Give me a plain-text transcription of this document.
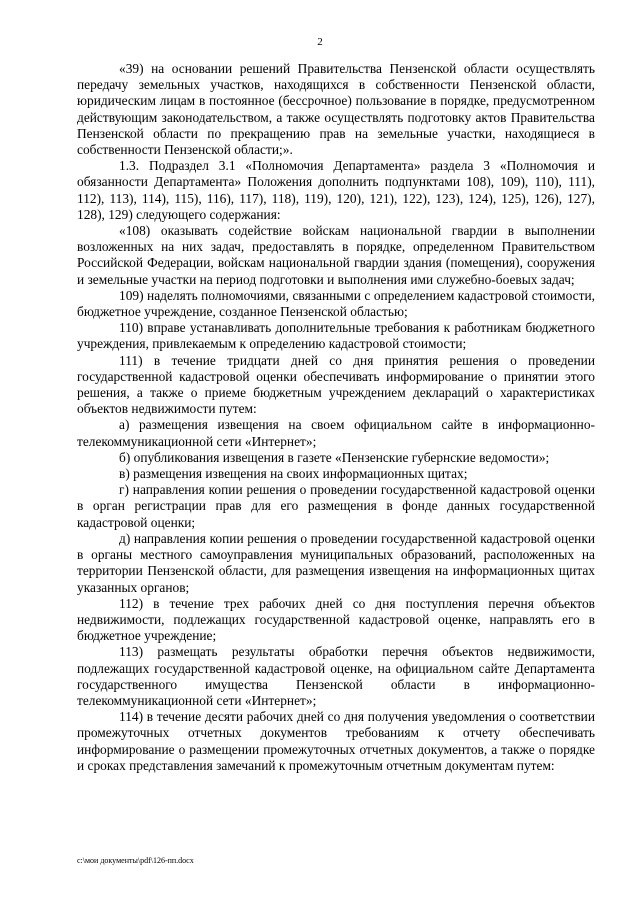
2

«39) на основании решений Правительства Пензенской области осуществлять передачу земельных участков, находящихся в собственности Пензенской области, юридическим лицам в постоянное (бессрочное) пользование в порядке, предусмотренном действующим законодательством, а также осуществлять подготовку актов Правительства Пензенской области по прекращению прав на земельные участки, находящиеся в собственности Пензенской области;».

1.3. Подраздел 3.1 «Полномочия Департамента» раздела 3 «Полномочия и обязанности Департамента» Положения дополнить подпунктами 108), 109), 110), 111), 112), 113), 114), 115), 116), 117), 118), 119), 120), 121), 122), 123), 124), 125), 126), 127), 128), 129) следующего содержания:

«108) оказывать содействие войскам национальной гвардии в выполнении возложенных на них задач, предоставлять в порядке, определенном Правительством Российской Федерации, войскам национальной гвардии здания (помещения), сооружения и земельные участки на период подготовки и выполнения ими служебно-боевых задач;

109) наделять полномочиями, связанными с определением кадастровой стоимости, бюджетное учреждение, созданное Пензенской областью;

110) вправе устанавливать дополнительные требования к работникам бюджетного учреждения, привлекаемым к определению кадастровой стоимости;

111) в течение тридцати дней со дня принятия решения о проведении государственной кадастровой оценки обеспечивать информирование о принятии этого решения, а также о приеме бюджетным учреждением деклараций о характеристиках объектов недвижимости путем:

а) размещения извещения на своем официальном сайте в информационно-телекоммуникационной сети «Интернет»;

б) опубликования извещения в газете «Пензенские губернские ведомости»;

в) размещения извещения на своих информационных щитах;

г) направления копии решения о проведении государственной кадастровой оценки в орган регистрации прав для его размещения в фонде данных государственной кадастровой оценки;

д) направления копии решения о проведении государственной кадастровой оценки в органы местного самоуправления муниципальных образований, расположенных на территории Пензенской области, для размещения извещения на информационных щитах указанных органов;

112) в течение трех рабочих дней со дня поступления перечня объектов недвижимости, подлежащих государственной кадастровой оценке, направлять его в бюджетное учреждение;

113) размещать результаты обработки перечня объектов недвижимости, подлежащих государственной кадастровой оценке, на официальном сайте Департамента государственного имущества Пензенской области в информационно-телекоммуникационной сети «Интернет»;

114) в течение десяти рабочих дней со дня получения уведомления о соответствии промежуточных отчетных документов требованиям к отчету обеспечивать информирование о размещении промежуточных отчетных документов, а также о порядке и сроках представления замечаний к промежуточным отчетным документам путем:

c:\мои документы\pdf\126-пп.docx
